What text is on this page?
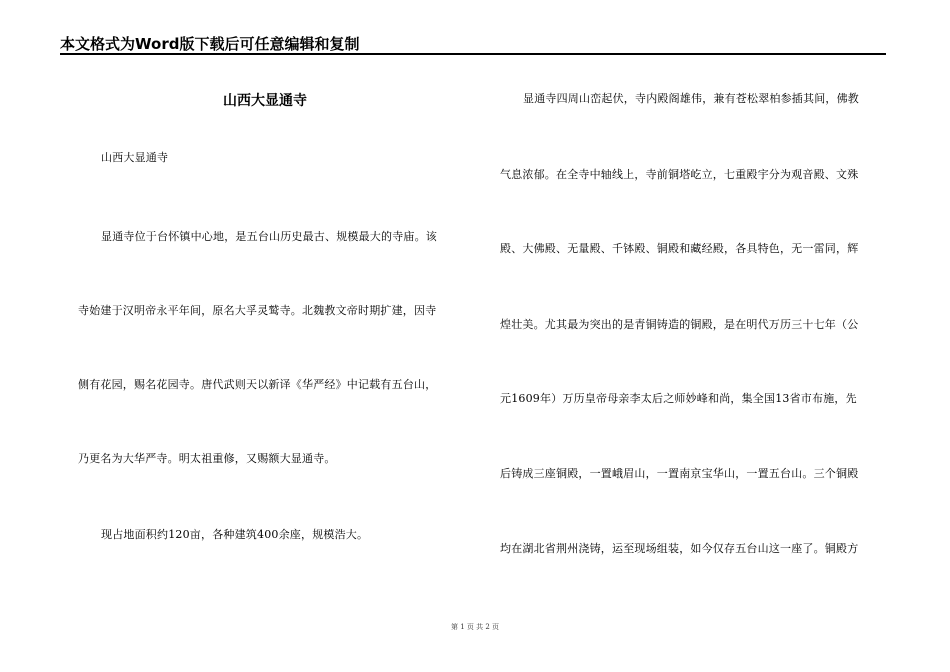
本文格式为Word版下载后可任意编辑和复制
山西大显通寺
山西大显通寺
显通寺位于台怀镇中心地，是五台山历史最古、规模最大的寺庙。该
寺始建于汉明帝永平年间，原名大孚灵鹫寺。北魏教文帝时期扩建，因寺
侧有花园，赐名花园寺。唐代武则天以新译《华严经》中记载有五台山，
乃更名为大华严寺。明太祖重修，又赐额大显通寺。
现占地面积约120亩，各种建筑400余座，规模浩大。
显通寺四周山峦起伏，寺内殿阁雄伟，兼有苍松翠柏参插其间，佛教
气息浓郁。在全寺中轴线上，寺前铜塔屹立，七重殿宇分为观音殿、文殊
殿、大佛殿、无量殿、千钵殿、铜殿和藏经殿，各具特色，无一雷同，辉
煌壮美。尤其最为突出的是青铜铸造的铜殿，是在明代万历三十七年（公
元1609年）万历皇帝母亲李太后之师妙峰和尚，集全国13省市布施，先
后铸成三座铜殿，一置峨眉山，一置南京宝华山，一置五台山。三个铜殿
均在湖北省荆州浇铸，运至现场组装，如今仅存五台山这一座了。铜殿方
第 1 页 共 2 页
